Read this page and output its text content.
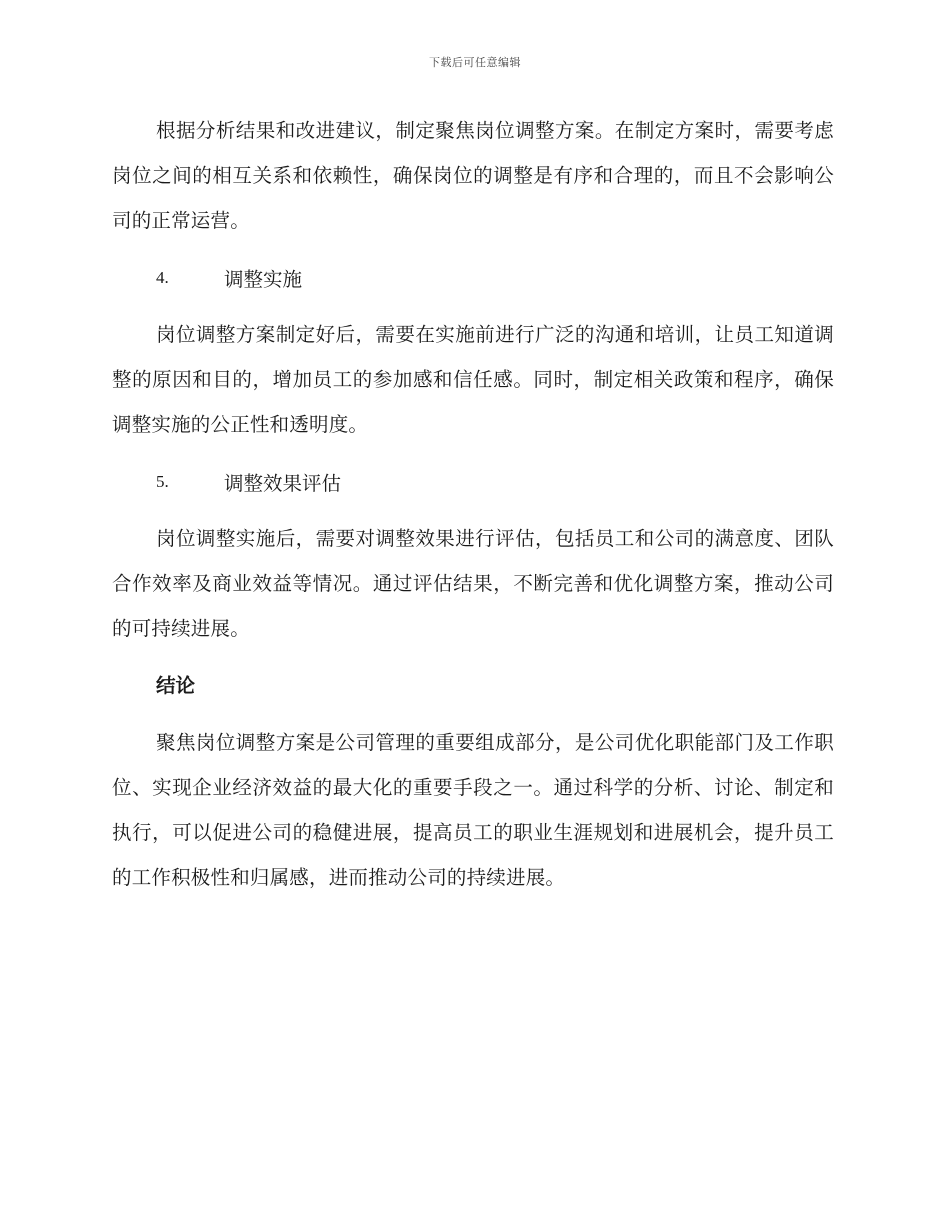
下载后可任意编辑

根据分析结果和改进建议，制定聚焦岗位调整方案。在制定方案时，需要考虑岗位之间的相互关系和依赖性，确保岗位的调整是有序和合理的，而且不会影响公司的正常运营。

4.	调整实施

岗位调整方案制定好后，需要在实施前进行广泛的沟通和培训，让员工知道调整的原因和目的，增加员工的参加感和信任感。同时，制定相关政策和程序，确保调整实施的公正性和透明度。

5.	调整效果评估

岗位调整实施后，需要对调整效果进行评估，包括员工和公司的满意度、团队合作效率及商业效益等情况。通过评估结果，不断完善和优化调整方案，推动公司的可持续进展。

结论

聚焦岗位调整方案是公司管理的重要组成部分，是公司优化职能部门及工作职位、实现企业经济效益的最大化的重要手段之一。通过科学的分析、讨论、制定和执行，可以促进公司的稳健进展，提高员工的职业生涯规划和进展机会，提升员工的工作积极性和归属感，进而推动公司的持续进展。
